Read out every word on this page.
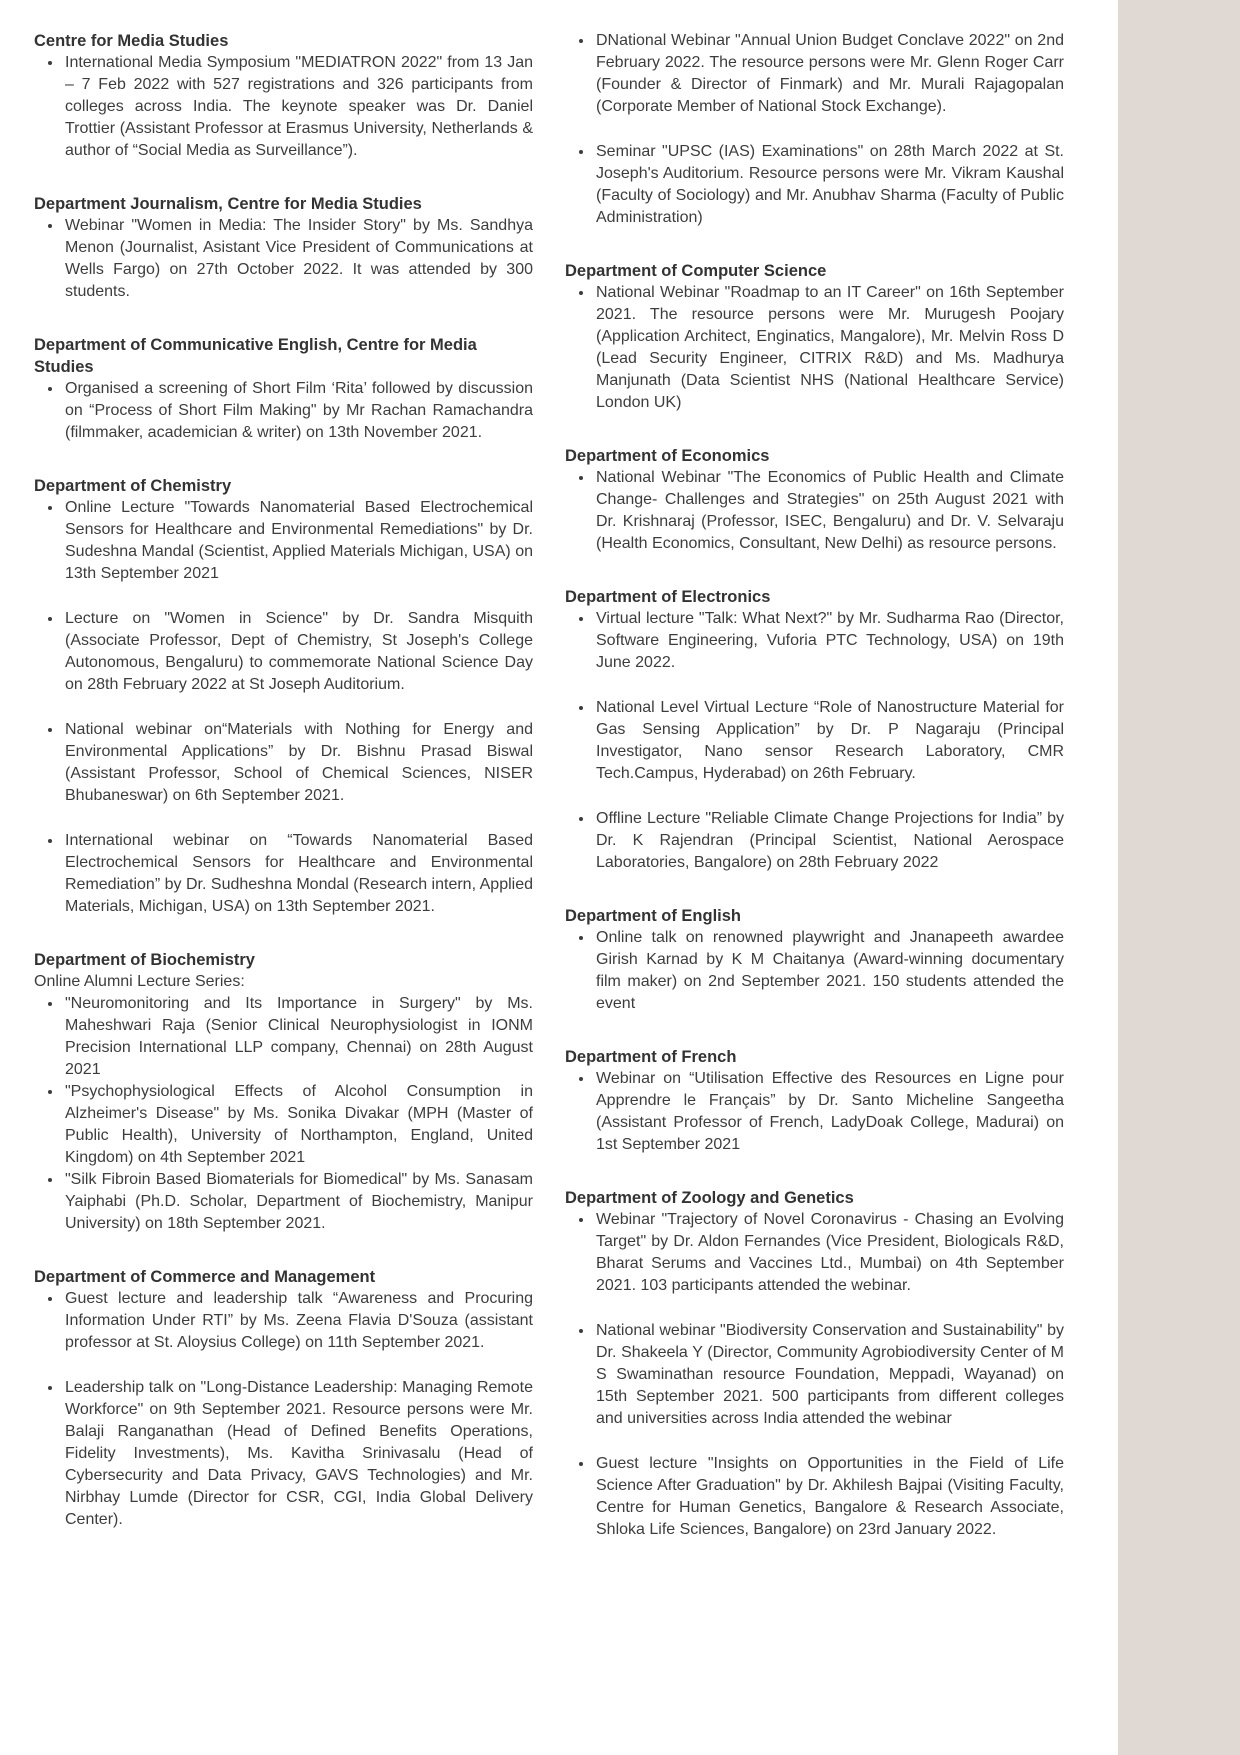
Centre for Media Studies
• International Media Symposium "MEDIATRON 2022" from 13 Jan – 7 Feb 2022 with 527 registrations and 326 participants from colleges across India. The keynote speaker was Dr. Daniel Trottier (Assistant Professor at Erasmus University, Netherlands & author of “Social Media as Surveillance”).
Department Journalism, Centre for Media Studies
• Webinar "Women in Media: The Insider Story" by Ms. Sandhya Menon (Journalist, Asistant Vice President of Communications at Wells Fargo) on 27th October 2022. It was attended by 300 students.
Department of Communicative English, Centre for Media Studies
• Organised a screening of Short Film ‘Rita’ followed by discussion on “Process of Short Film Making" by Mr Rachan Ramachandra (filmmaker, academician & writer) on 13th November 2021.
Department of Chemistry
• Online Lecture "Towards Nanomaterial Based Electrochemical Sensors for Healthcare and Environmental Remediations" by Dr. Sudeshna Mandal (Scientist, Applied Materials Michigan, USA) on 13th September 2021
• Lecture on "Women in Science" by Dr. Sandra Misquith (Associate Professor, Dept of Chemistry, St Joseph's College Autonomous, Bengaluru) to commemorate National Science Day on 28th February 2022 at St Joseph Auditorium.
• National webinar on“Materials with Nothing for Energy and Environmental Applications” by Dr. Bishnu Prasad Biswal (Assistant Professor, School of Chemical Sciences, NISER Bhubaneswar) on 6th September 2021.
• International webinar on “Towards Nanomaterial Based Electrochemical Sensors for Healthcare and Environmental Remediation” by Dr. Sudheshna Mondal (Research intern, Applied Materials, Michigan, USA) on 13th September 2021.
Department of Biochemistry

Online Alumni Lecture Series:

• "Neuromonitoring and Its Importance in Surgery" by Ms. Maheshwari Raja (Senior Clinical Neurophysiologist in IONM Precision International LLP company, Chennai) on 28th August 2021
• "Psychophysiological Effects of Alcohol Consumption in Alzheimer's Disease" by Ms. Sonika Divakar (MPH (Master of Public Health), University of Northampton, England, United Kingdom) on 4th September 2021
• "Silk Fibroin Based Biomaterials for Biomedical" by Ms. Sanasam Yaiphabi (Ph.D. Scholar, Department of Biochemistry, Manipur University) on 18th September 2021.
Department of Commerce and Management
• Guest lecture and leadership talk “Awareness and Procuring Information Under RTI” by Ms. Zeena Flavia D'Souza (assistant professor at St. Aloysius College) on 11th September 2021.
• Leadership talk on "Long-Distance Leadership: Managing Remote Workforce" on 9th September 2021. Resource persons were Mr. Balaji Ranganathan (Head of Defined Benefits Operations, Fidelity Investments), Ms. Kavitha Srinivasalu (Head of Cybersecurity and Data Privacy, GAVS Technologies) and Mr. Nirbhay Lumde (Director for CSR, CGI, India Global Delivery Center).
• DNational Webinar "Annual Union Budget Conclave 2022" on 2nd February 2022. The resource persons were Mr. Glenn Roger Carr (Founder & Director of Finmark) and Mr. Murali Rajagopalan (Corporate Member of National Stock Exchange).
• Seminar "UPSC (IAS) Examinations" on 28th March 2022 at St. Joseph's Auditorium. Resource persons were Mr. Vikram Kaushal (Faculty of Sociology) and Mr. Anubhav Sharma (Faculty of Public Administration)
Department of Computer Science
• National Webinar "Roadmap to an IT Career" on 16th September 2021. The resource persons were Mr. Murugesh Poojary (Application Architect, Enginatics, Mangalore), Mr. Melvin Ross D (Lead Security Engineer, CITRIX R&D) and Ms. Madhurya Manjunath (Data Scientist NHS (National Healthcare Service) London UK)
Department of Economics
• National Webinar "The Economics of Public Health and Climate Change- Challenges and Strategies" on 25th August 2021 with Dr. Krishnaraj (Professor, ISEC, Bengaluru) and Dr. V. Selvaraju (Health Economics, Consultant, New Delhi) as resource persons.
Department of Electronics
• Virtual lecture "Talk: What Next?" by Mr. Sudharma Rao (Director, Software Engineering, Vuforia PTC Technology, USA) on 19th June 2022.
• National Level Virtual Lecture “Role of Nanostructure Material for Gas Sensing Application” by Dr. P Nagaraju (Principal Investigator, Nano sensor Research Laboratory, CMR Tech.Campus, Hyderabad) on 26th February.
• Offline Lecture "Reliable Climate Change Projections for India” by Dr. K Rajendran (Principal Scientist, National Aerospace Laboratories, Bangalore) on 28th February 2022
Department of English
• Online talk on renowned playwright and Jnanapeeth awardee Girish Karnad by K M Chaitanya (Award-winning documentary film maker) on 2nd September 2021. 150 students attended the event
Department of French
• Webinar on “Utilisation Effective des Resources en Ligne pour Apprendre le Français” by Dr. Santo Micheline Sangeetha (Assistant Professor of French, LadyDoak College, Madurai) on 1st September 2021
Department of Zoology and Genetics
• Webinar "Trajectory of Novel Coronavirus - Chasing an Evolving Target" by Dr. Aldon Fernandes (Vice President, Biologicals R&D, Bharat Serums and Vaccines Ltd., Mumbai) on 4th September 2021. 103 participants attended the webinar.
• National webinar "Biodiversity Conservation and Sustainability" by Dr. Shakeela Y (Director, Community Agrobiodiversity Center of M S Swaminathan resource Foundation, Meppadi, Wayanad) on 15th September 2021. 500 participants from different colleges and universities across India attended the webinar
• Guest lecture "Insights on Opportunities in the Field of Life Science After Graduation" by Dr. Akhilesh Bajpai (Visiting Faculty, Centre for Human Genetics, Bangalore & Research Associate, Shloka Life Sciences, Bangalore) on 23rd January 2022.
